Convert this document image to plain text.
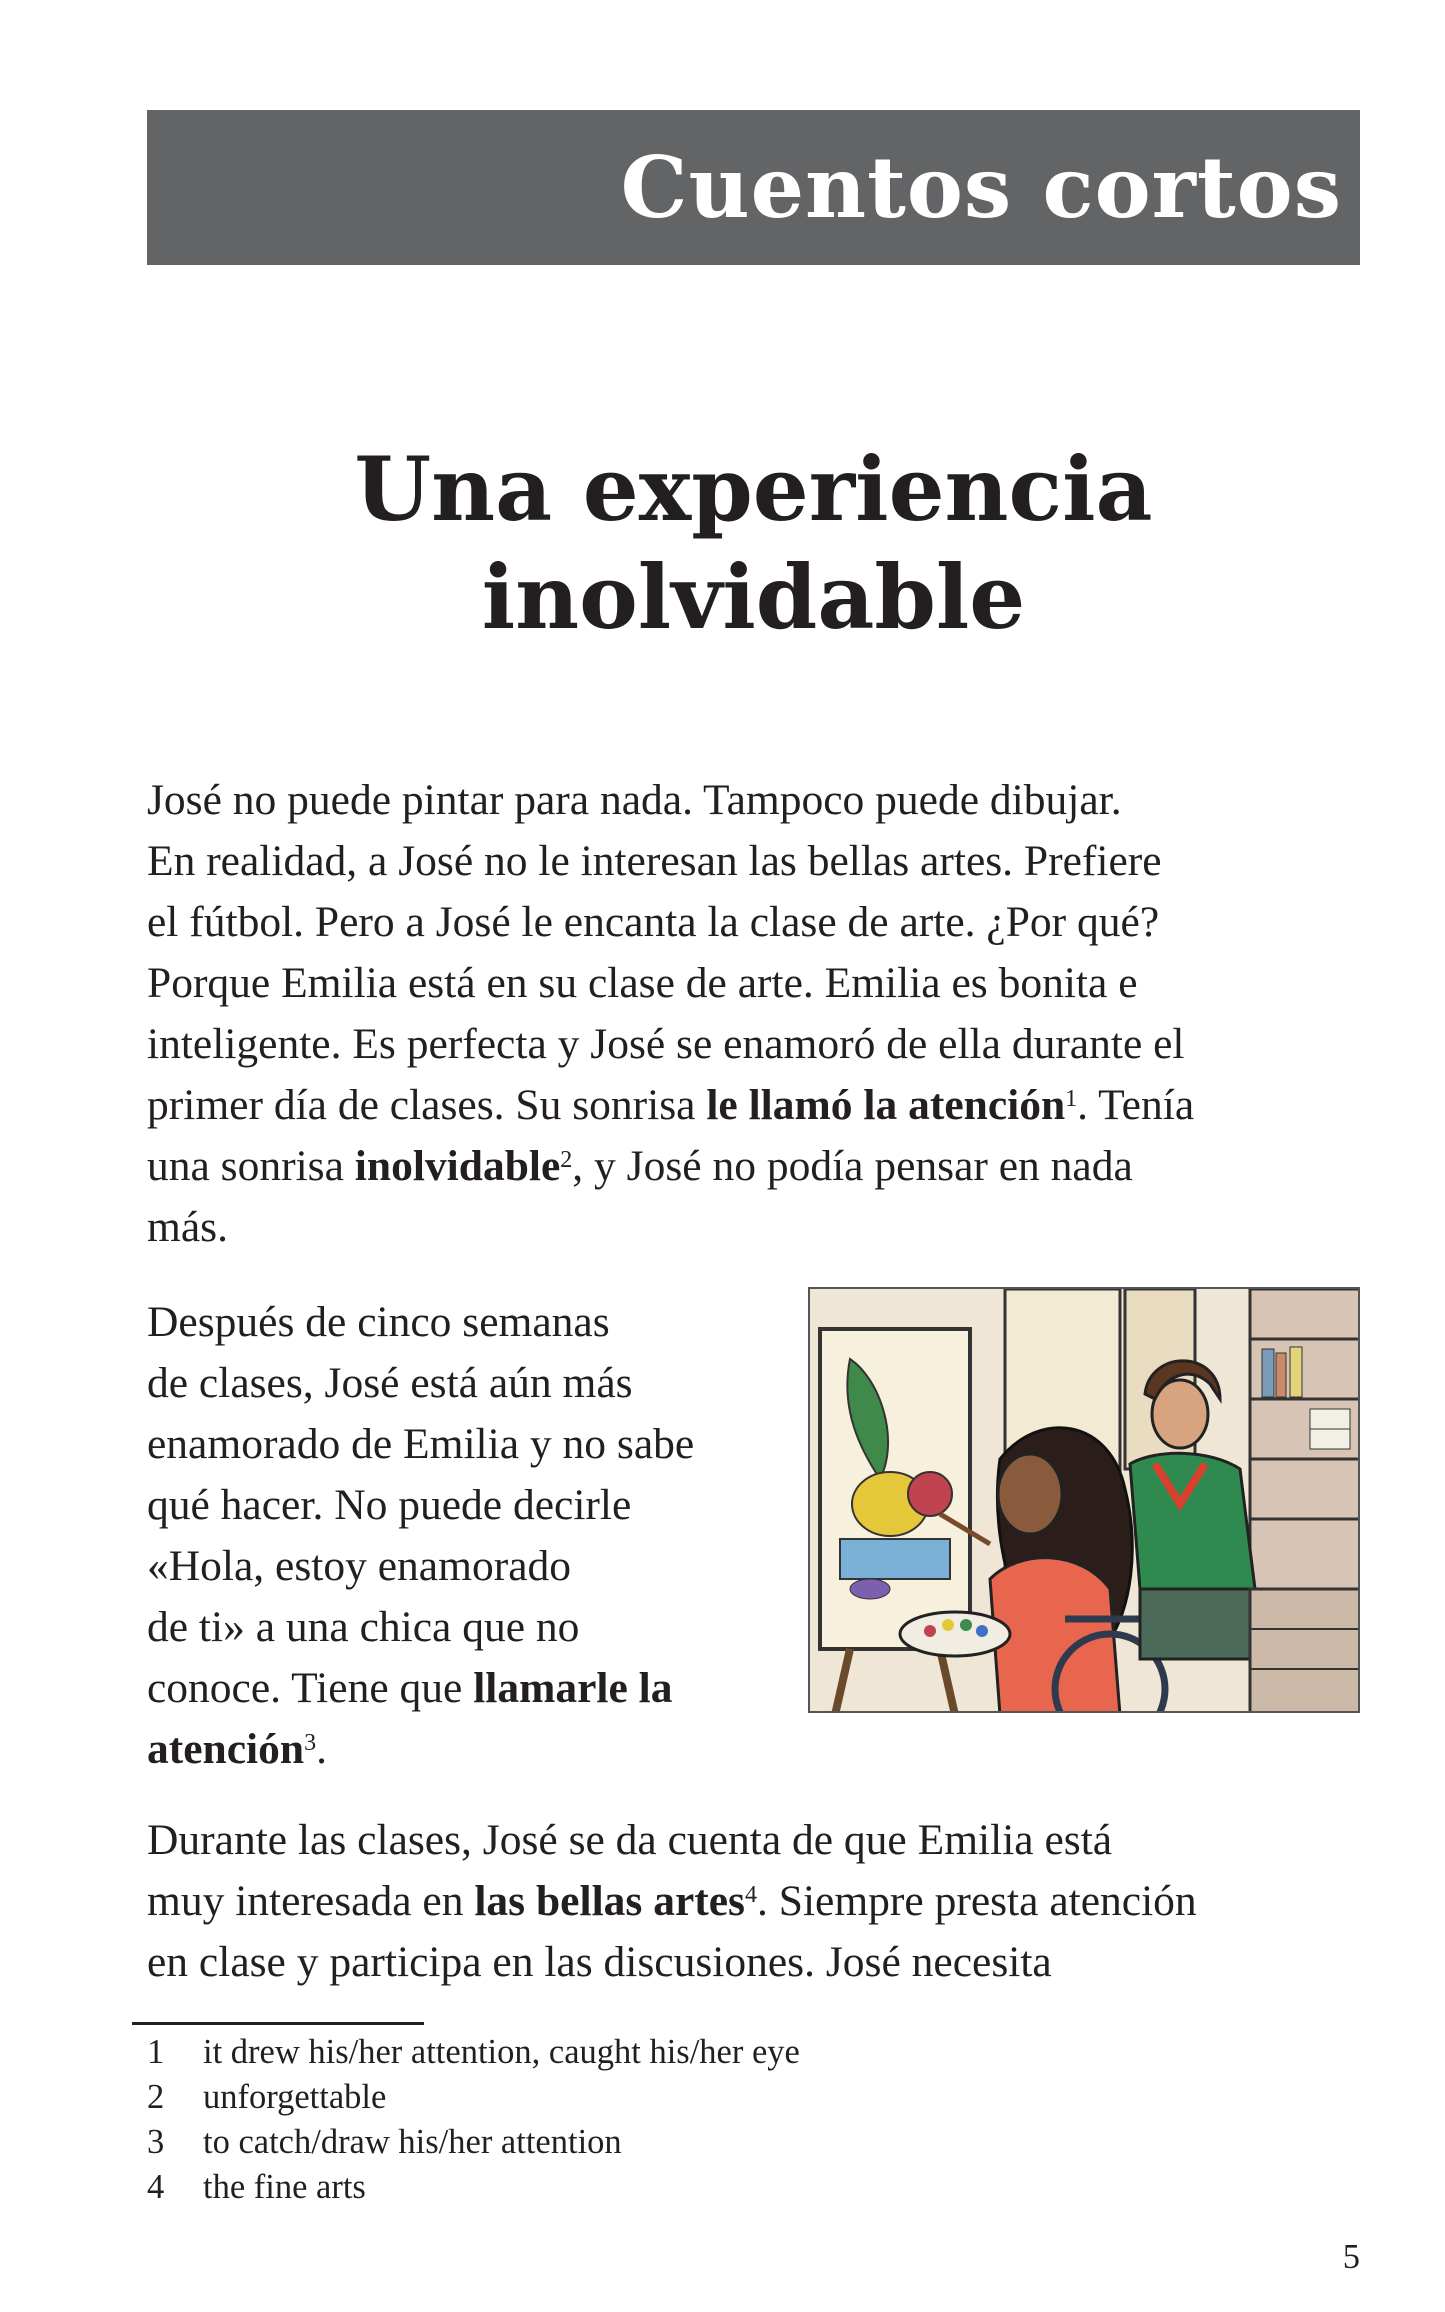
Cuentos cortos
Una experiencia
inolvidable

José no puede pintar para nada. Tampoco puede dibujar.
En realidad, a José no le interesan las bellas artes. Prefiere
el fútbol. Pero a José le encanta la clase de arte. ¿Por qué?
Porque Emilia está en su clase de arte. Emilia es bonita e
inteligente. Es perfecta y José se enamoró de ella durante el
primer día de clases. Su sonrisa le llamó la atención$^1$. Tenía
una sonrisa inolvidable$^2$, y José no podía pensar en nada
más.

Después de cinco semanas
de clases, José está aún más
enamorado de Emilia y no sabe
qué hacer. No puede decirle
«Hola, estoy enamorado
de ti» a una chica que no
conoce. Tiene que llamarle la
atención$^3$.

Durante las clases, José se da cuenta de que Emilia está
muy interesada en las bellas artes$^4$. Siempre presta atención
en clase y participa en las discusiones. José necesita

1	it drew his/her attention, caught his/her eye
2	unforgettable
3	to catch/draw his/her attention
4	the fine arts
5
